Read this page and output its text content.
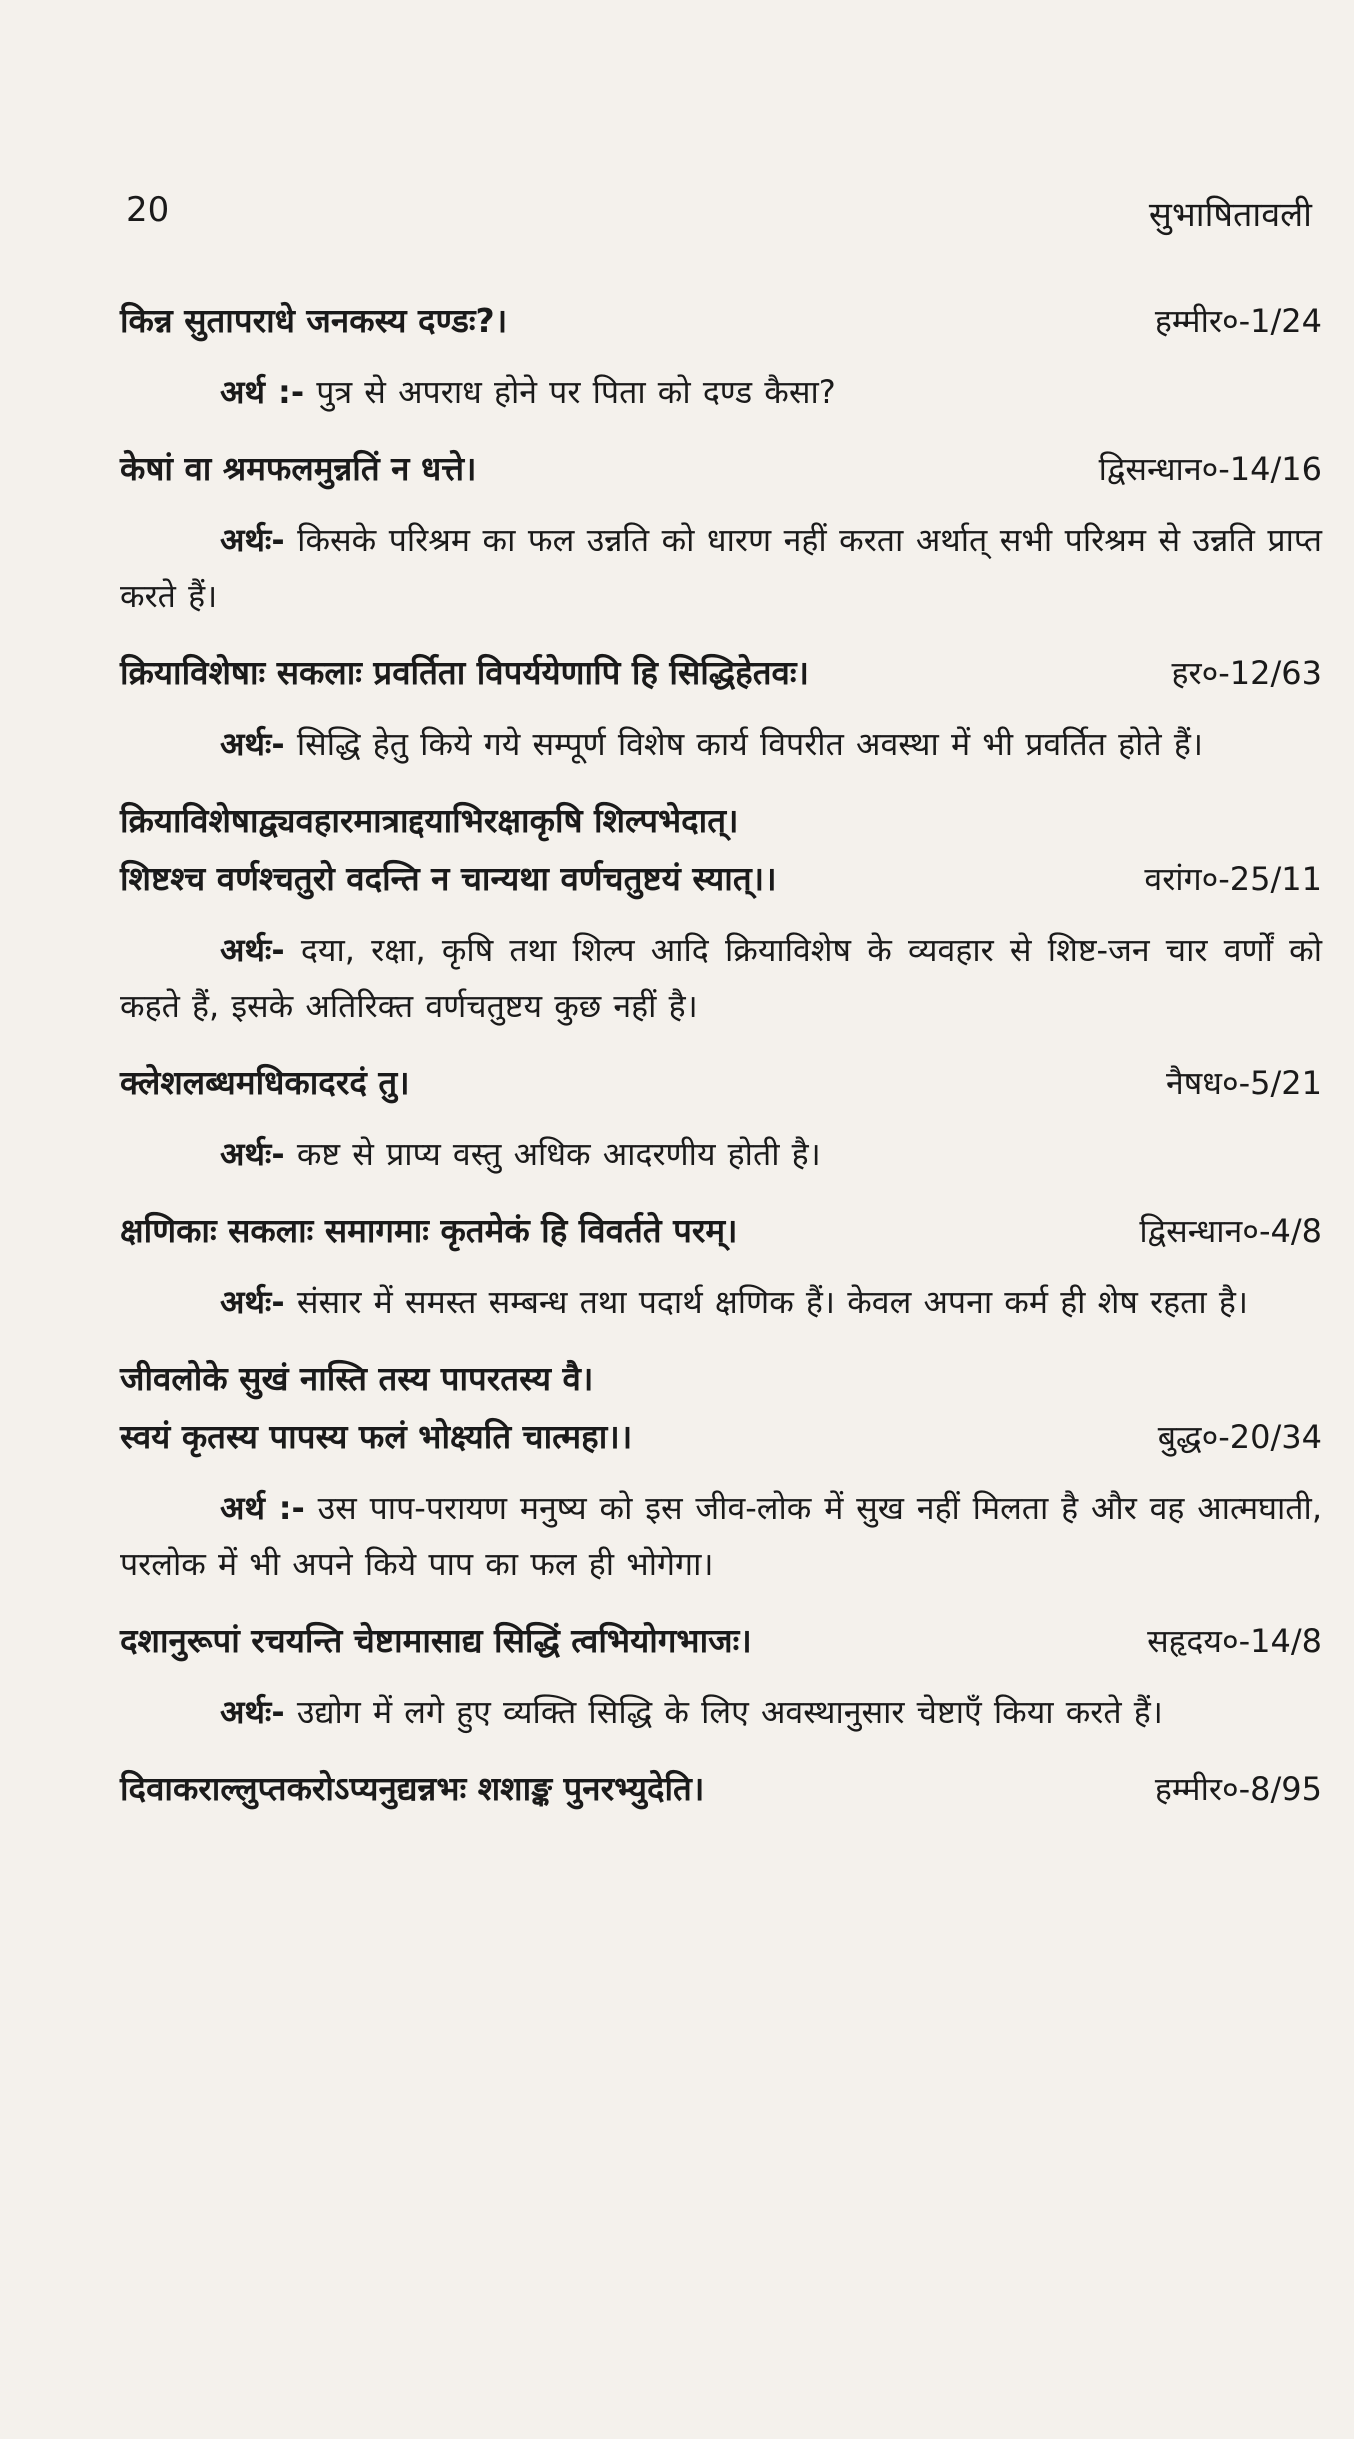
20	सुभाषितावली
किन्न सुतापराधे जनकस्य दण्डः?।	हम्मीर०-1/24
अर्थ :- पुत्र से अपराध होने पर पिता को दण्ड कैसा?
केषां वा श्रमफलमुन्नतिं न धत्ते।	द्विसन्धान०-14/16
अर्थः- किसके परिश्रम का फल उन्नति को धारण नहीं करता अर्थात् सभी परिश्रम से उन्नति प्राप्त करते हैं।
क्रियाविशेषाः सकलाः प्रवर्तिता विपर्ययेणापि हि सिद्धिहेतवः।	हर०-12/63
अर्थः- सिद्धि हेतु किये गये सम्पूर्ण विशेष कार्य विपरीत अवस्था में भी प्रवर्तित होते हैं।
क्रियाविशेषाद्व्यवहारमात्राद्दयाभिरक्षाकृषि शिल्पभेदात्।
शिष्टश्च वर्णश्चतुरो वदन्ति न चान्यथा वर्णचतुष्टयं स्यात्।।	वरांग०-25/11
अर्थः- दया, रक्षा, कृषि तथा शिल्प आदि क्रियाविशेष के व्यवहार से शिष्ट-जन चार वर्णों को कहते हैं, इसके अतिरिक्त वर्णचतुष्टय कुछ नहीं है।
क्लेशलब्धमधिकादरदं तु।	नैषध०-5/21
अर्थः- कष्ट से प्राप्य वस्तु अधिक आदरणीय होती है।
क्षणिकाः सकलाः समागमाः कृतमेकं हि विवर्तते परम्।	द्विसन्धान०-4/8
अर्थः- संसार में समस्त सम्बन्ध तथा पदार्थ क्षणिक हैं। केवल अपना कर्म ही शेष रहता है।
जीवलोके सुखं नास्ति तस्य पापरतस्य वै।
स्वयं कृतस्य पापस्य फलं भोक्ष्यति चात्महा।।	बुद्ध०-20/34
अर्थ :- उस पाप-परायण मनुष्य को इस जीव-लोक में सुख नहीं मिलता है और वह आत्मघाती, परलोक में भी अपने किये पाप का फल ही भोगेगा।
दशानुरूपां रचयन्ति चेष्टामासाद्य सिद्धिं त्वभियोगभाजः।	सहृदय०-14/8
अर्थः- उद्योग में लगे हुए व्यक्ति सिद्धि के लिए अवस्थानुसार चेष्टाएँ किया करते हैं।
दिवाकराल्लुप्तकरोऽप्यनुद्यन्नभः शशाङ्क पुनरभ्युदेति।	हम्मीर०-8/95
